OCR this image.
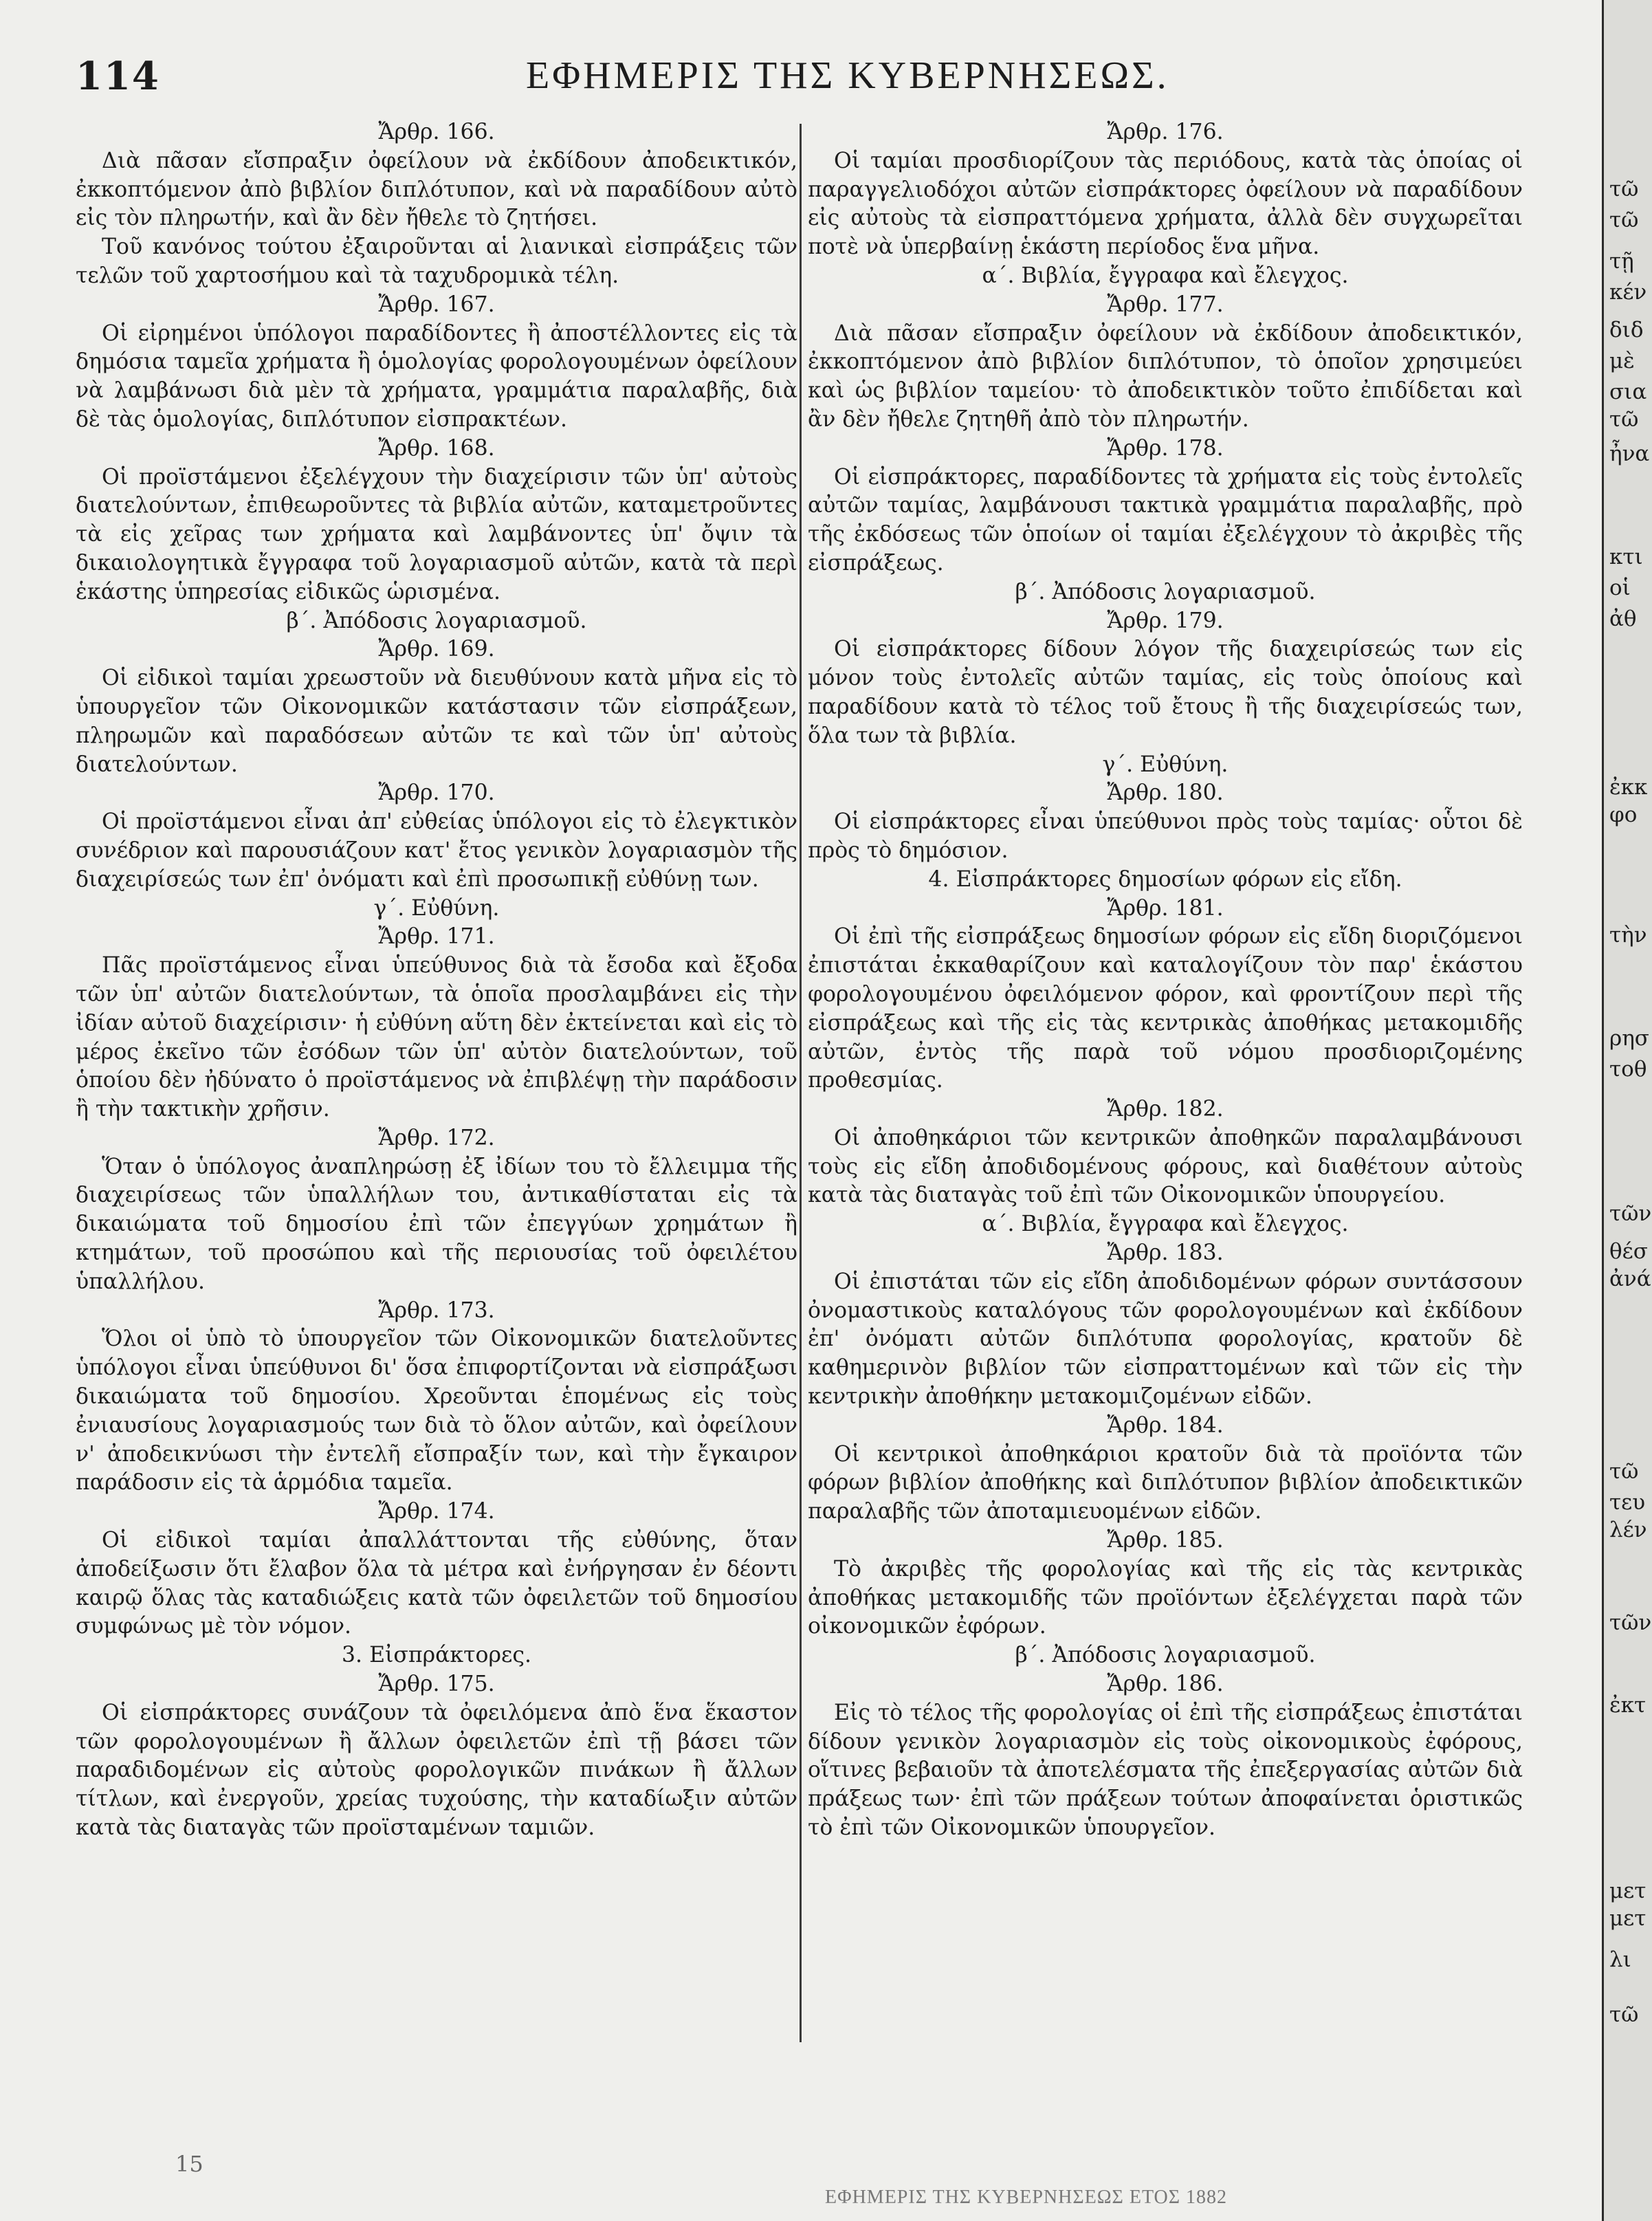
114	ΕΦΗΜΕΡΙΣ ΤΗΣ ΚΥΒΕΡΝΗΣΕΩΣ.
Ἄρθρ. 166.
Διὰ πᾶσαν εἴσπραξιν ὀφείλουν νὰ ἐκδίδουν ἀποδεικτικόν, ἐκκοπτόμενον ἀπὸ βιβλίον διπλότυπον, καὶ νὰ παραδίδουν αὐτὸ εἰς τὸν πληρωτήν, καὶ ἂν δὲν ἤθελε τὸ ζητήσει.
Τοῦ κανόνος τούτου ἐξαιροῦνται αἱ λιανικαὶ εἰσπράξεις τῶν τελῶν τοῦ χαρτοσήμου καὶ τὰ ταχυδρομικὰ τέλη.
Ἄρθρ. 167.
Οἱ εἰρημένοι ὑπόλογοι παραδίδοντες ἢ ἀποστέλλοντες εἰς τὰ δημόσια ταμεῖα χρήματα ἢ ὁμολογίας φορολογουμένων ὀφείλουν νὰ λαμβάνωσι διὰ μὲν τὰ χρήματα, γραμμάτια παραλαβῆς, διὰ δὲ τὰς ὁμολογίας, διπλότυπον εἰσπρακτέων.
Ἄρθρ. 168.
Οἱ προϊστάμενοι ἐξελέγχουν τὴν διαχείρισιν τῶν ὑπ' αὐτοὺς διατελούντων, ἐπιθεωροῦντες τὰ βιβλία αὐτῶν, καταμετροῦντες τὰ εἰς χεῖρας των χρήματα καὶ λαμβάνοντες ὑπ' ὄψιν τὰ δικαιολογητικὰ ἔγγραφα τοῦ λογαριασμοῦ αὐτῶν, κατὰ τὰ περὶ ἑκάστης ὑπηρεσίας εἰδικῶς ὡρισμένα.
β΄. Ἀπόδοσις λογαριασμοῦ.
Ἄρθρ. 169.
Οἱ εἰδικοὶ ταμίαι χρεωστοῦν νὰ διευθύνουν κατὰ μῆνα εἰς τὸ ὑπουργεῖον τῶν Οἰκονομικῶν κατάστασιν τῶν εἰσπράξεων, πληρωμῶν καὶ παραδόσεων αὐτῶν τε καὶ τῶν ὑπ' αὐτοὺς διατελούντων.
Ἄρθρ. 170.
Οἱ προϊστάμενοι εἶναι ἀπ' εὐθείας ὑπόλογοι εἰς τὸ ἐλεγκτικὸν συνέδριον καὶ παρουσιάζουν κατ' ἔτος γενικὸν λογαριασμὸν τῆς διαχειρίσεώς των ἐπ' ὀνόματι καὶ ἐπὶ προσωπικῇ εὐθύνῃ των.
γ΄. Εὐθύνη.
Ἄρθρ. 171.
Πᾶς προϊστάμενος εἶναι ὑπεύθυνος διὰ τὰ ἔσοδα καὶ ἔξοδα τῶν ὑπ' αὐτῶν διατελούντων, τὰ ὁποῖα προσλαμβάνει εἰς τὴν ἰδίαν αὐτοῦ διαχείρισιν· ἡ εὐθύνη αὕτη δὲν ἐκτείνεται καὶ εἰς τὸ μέρος ἐκεῖνο τῶν ἐσόδων τῶν ὑπ' αὐτὸν διατελούντων, τοῦ ὁποίου δὲν ἠδύνατο ὁ προϊστάμενος νὰ ἐπιβλέψῃ τὴν παράδοσιν ἢ τὴν τακτικὴν χρῆσιν.
Ἄρθρ. 172.
Ὅταν ὁ ὑπόλογος ἀναπληρώσῃ ἐξ ἰδίων του τὸ ἔλλειμμα τῆς διαχειρίσεως τῶν ὑπαλλήλων του, ἀντικαθίσταται εἰς τὰ δικαιώματα τοῦ δημοσίου ἐπὶ τῶν ἐπεγγύων χρημάτων ἢ κτημάτων, τοῦ προσώπου καὶ τῆς περιουσίας τοῦ ὀφειλέτου ὑπαλλήλου.
Ἄρθρ. 173.
Ὅλοι οἱ ὑπὸ τὸ ὑπουργεῖον τῶν Οἰκονομικῶν διατελοῦντες ὑπόλογοι εἶναι ὑπεύθυνοι δι' ὅσα ἐπιφορτίζονται νὰ εἰσπράξωσι δικαιώματα τοῦ δημοσίου. Χρεοῦνται ἑπομένως εἰς τοὺς ἐνιαυσίους λογαριασμούς των διὰ τὸ ὅλον αὐτῶν, καὶ ὀφείλουν ν' ἀποδεικνύωσι τὴν ἐντελῆ εἴσπραξίν των, καὶ τὴν ἔγκαιρον παράδοσιν εἰς τὰ ἁρμόδια ταμεῖα.
Ἄρθρ. 174.
Οἱ εἰδικοὶ ταμίαι ἀπαλλάττονται τῆς εὐθύνης, ὅταν ἀποδείξωσιν ὅτι ἔλαβον ὅλα τὰ μέτρα καὶ ἐνήργησαν ἐν δέοντι καιρῷ ὅλας τὰς καταδιώξεις κατὰ τῶν ὀφειλετῶν τοῦ δημοσίου συμφώνως μὲ τὸν νόμον.
3. Εἰσπράκτορες.
Ἄρθρ. 175.
Οἱ εἰσπράκτορες συνάζουν τὰ ὀφειλόμενα ἀπὸ ἕνα ἕκαστον τῶν φορολογουμένων ἢ ἄλλων ὀφειλετῶν ἐπὶ τῇ βάσει τῶν παραδιδομένων εἰς αὐτοὺς φορολογικῶν πινάκων ἢ ἄλλων τίτλων, καὶ ἐνεργοῦν, χρείας τυχούσης, τὴν καταδίωξιν αὐτῶν κατὰ τὰς διαταγὰς τῶν προϊσταμένων ταμιῶν.
Ἄρθρ. 176.
Οἱ ταμίαι προσδιορίζουν τὰς περιόδους, κατὰ τὰς ὁποίας οἱ παραγγελιοδόχοι αὐτῶν εἰσπράκτορες ὀφείλουν νὰ παραδίδουν εἰς αὐτοὺς τὰ εἰσπραττόμενα χρήματα, ἀλλὰ δὲν συγχωρεῖται ποτὲ νὰ ὑπερβαίνῃ ἑκάστη περίοδος ἕνα μῆνα.
α΄. Βιβλία, ἔγγραφα καὶ ἔλεγχος.
Ἄρθρ. 177.
Διὰ πᾶσαν εἴσπραξιν ὀφείλουν νὰ ἐκδίδουν ἀποδεικτικόν, ἐκκοπτόμενον ἀπὸ βιβλίον διπλότυπον, τὸ ὁποῖον χρησιμεύει καὶ ὡς βιβλίον ταμείου· τὸ ἀποδεικτικὸν τοῦτο ἐπιδίδεται καὶ ἂν δὲν ἤθελε ζητηθῆ ἀπὸ τὸν πληρωτήν.
Ἄρθρ. 178.
Οἱ εἰσπράκτορες, παραδίδοντες τὰ χρήματα εἰς τοὺς ἐντολεῖς αὐτῶν ταμίας, λαμβάνουσι τακτικὰ γραμμάτια παραλαβῆς, πρὸ τῆς ἐκδόσεως τῶν ὁποίων οἱ ταμίαι ἐξελέγχουν τὸ ἀκριβὲς τῆς εἰσπράξεως.
β΄. Ἀπόδοσις λογαριασμοῦ.
Ἄρθρ. 179.
Οἱ εἰσπράκτορες δίδουν λόγον τῆς διαχειρίσεώς των εἰς μόνον τοὺς ἐντολεῖς αὐτῶν ταμίας, εἰς τοὺς ὁποίους καὶ παραδίδουν κατὰ τὸ τέλος τοῦ ἔτους ἢ τῆς διαχειρίσεώς των, ὅλα των τὰ βιβλία.
γ΄. Εὐθύνη.
Ἄρθρ. 180.
Οἱ εἰσπράκτορες εἶναι ὑπεύθυνοι πρὸς τοὺς ταμίας· οὗτοι δὲ πρὸς τὸ δημόσιον.
4. Εἰσπράκτορες δημοσίων φόρων εἰς εἴδη.
Ἄρθρ. 181.
Οἱ ἐπὶ τῆς εἰσπράξεως δημοσίων φόρων εἰς εἴδη διοριζόμενοι ἐπιστάται ἐκκαθαρίζουν καὶ καταλογίζουν τὸν παρ' ἑκάστου φορολογουμένου ὀφειλόμενον φόρον, καὶ φροντίζουν περὶ τῆς εἰσπράξεως καὶ τῆς εἰς τὰς κεντρικὰς ἀποθήκας μετακομιδῆς αὐτῶν, ἐντὸς τῆς παρὰ τοῦ νόμου προσδιοριζομένης προθεσμίας.
Ἄρθρ. 182.
Οἱ ἀποθηκάριοι τῶν κεντρικῶν ἀποθηκῶν παραλαμβάνουσι τοὺς εἰς εἴδη ἀποδιδομένους φόρους, καὶ διαθέτουν αὐτοὺς κατὰ τὰς διαταγὰς τοῦ ἐπὶ τῶν Οἰκονομικῶν ὑπουργείου.
α΄. Βιβλία, ἔγγραφα καὶ ἔλεγχος.
Ἄρθρ. 183.
Οἱ ἐπιστάται τῶν εἰς εἴδη ἀποδιδομένων φόρων συντάσσουν ὀνομαστικοὺς καταλόγους τῶν φορολογουμένων καὶ ἐκδίδουν ἐπ' ὀνόματι αὐτῶν διπλότυπα φορολογίας, κρατοῦν δὲ καθημερινὸν βιβλίον τῶν εἰσπραττομένων καὶ τῶν εἰς τὴν κεντρικὴν ἀποθήκην μετακομιζομένων εἰδῶν.
Ἄρθρ. 184.
Οἱ κεντρικοὶ ἀποθηκάριοι κρατοῦν διὰ τὰ προϊόντα τῶν φόρων βιβλίον ἀποθήκης καὶ διπλότυπον βιβλίον ἀποδεικτικῶν παραλαβῆς τῶν ἀποταμιευομένων εἰδῶν.
Ἄρθρ. 185.
Τὸ ἀκριβὲς τῆς φορολογίας καὶ τῆς εἰς τὰς κεντρικὰς ἀποθήκας μετακομιδῆς τῶν προϊόντων ἐξελέγχεται παρὰ τῶν οἰκονομικῶν ἐφόρων.
β΄. Ἀπόδοσις λογαριασμοῦ.
Ἄρθρ. 186.
Εἰς τὸ τέλος τῆς φορολογίας οἱ ἐπὶ τῆς εἰσπράξεως ἐπιστάται δίδουν γενικὸν λογαριασμὸν εἰς τοὺς οἰκονομικοὺς ἐφόρους, οἵτινες βεβαιοῦν τὰ ἀποτελέσματα τῆς ἐπεξεργασίας αὐτῶν διὰ πράξεως των· ἐπὶ τῶν πράξεων τούτων ἀποφαίνεται ὁριστικῶς τὸ ἐπὶ τῶν Οἰκονομικῶν ὑπουργεῖον.
15
ΕΦΗΜΕΡΙΣ ΤΗΣ ΚΥΒΕΡΝΗΣΕΩΣ ΕΤΟΣ 1882
τῶ
τῶ
τῇ
κέν
διδ
μὲ
σια
τῶ
ἦνα
κτι
οἱ
ἀθ
ἐκκ
φο
τὴν
ρησ
τοθ
τῶν
θέσ
ἀνά
τῶ
τευ
λέν
τῶν
ἐκτ
μετ
μετ
λι
τῶ
